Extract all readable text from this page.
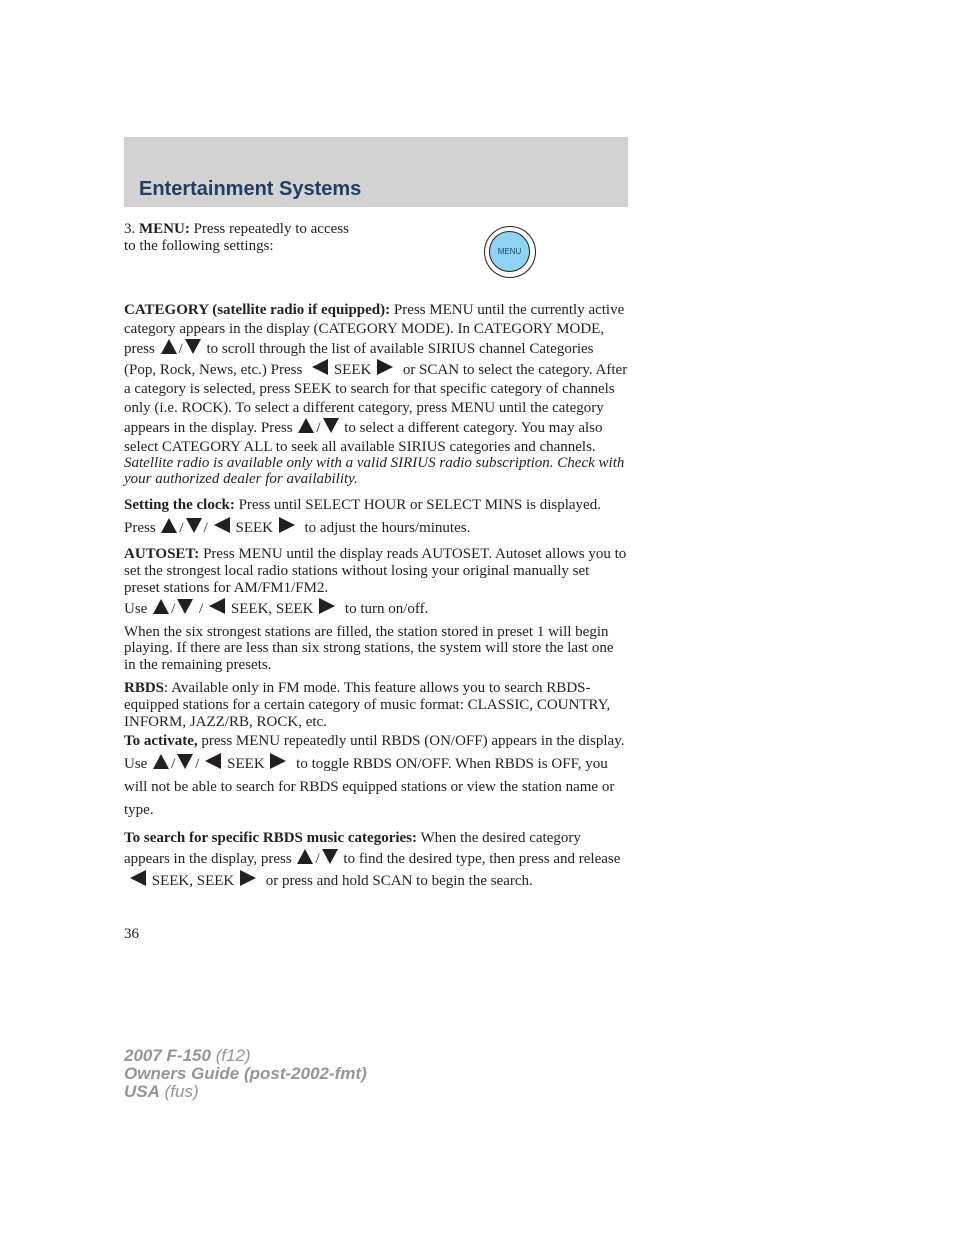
Entertainment Systems
MENU

3. MENU: Press repeatedly to access to the following settings:

CATEGORY (satellite radio if equipped): Press MENU until the currently active category appears in the display (CATEGORY MODE). In CATEGORY MODE, press / to scroll through the list of available SIRIUS channel Categories (Pop, Rock, News, etc.) Press SEEK or SCAN to select the category. After a category is selected, press SEEK to search for that specific category of channels only (i.e. ROCK). To select a different category, press MENU until the category appears in the display. Press / to select a different category. You may also select CATEGORY ALL to seek all available SIRIUS categories and channels.

Satellite radio is available only with a valid SIRIUS radio subscription. Check with your authorized dealer for availability.

Setting the clock: Press until SELECT HOUR or SELECT MINS is displayed. Press / / SEEK to adjust the hours/minutes.

AUTOSET: Press MENU until the display reads AUTOSET. Autoset allows you to set the strongest local radio stations without losing your original manually set preset stations for AM/FM1/FM2.

Use / / SEEK, SEEK to turn on/off.

When the six strongest stations are filled, the station stored in preset 1 will begin playing. If there are less than six strong stations, the system will store the last one in the remaining presets.

RBDS: Available only in FM mode. This feature allows you to search RBDS-equipped stations for a certain category of music format: CLASSIC, COUNTRY, INFORM, JAZZ/RB, ROCK, etc.

To activate, press MENU repeatedly until RBDS (ON/OFF) appears in the display. Use / / SEEK to toggle RBDS ON/OFF. When RBDS is OFF, you will not be able to search for RBDS equipped stations or view the station name or type.

To search for specific RBDS music categories: When the desired category appears in the display, press / to find the desired type, then press and release  SEEK, SEEK or press and hold SCAN to begin the search.

36
2007 F-150 (f12)
Owners Guide (post-2002-fmt)
USA (fus)
